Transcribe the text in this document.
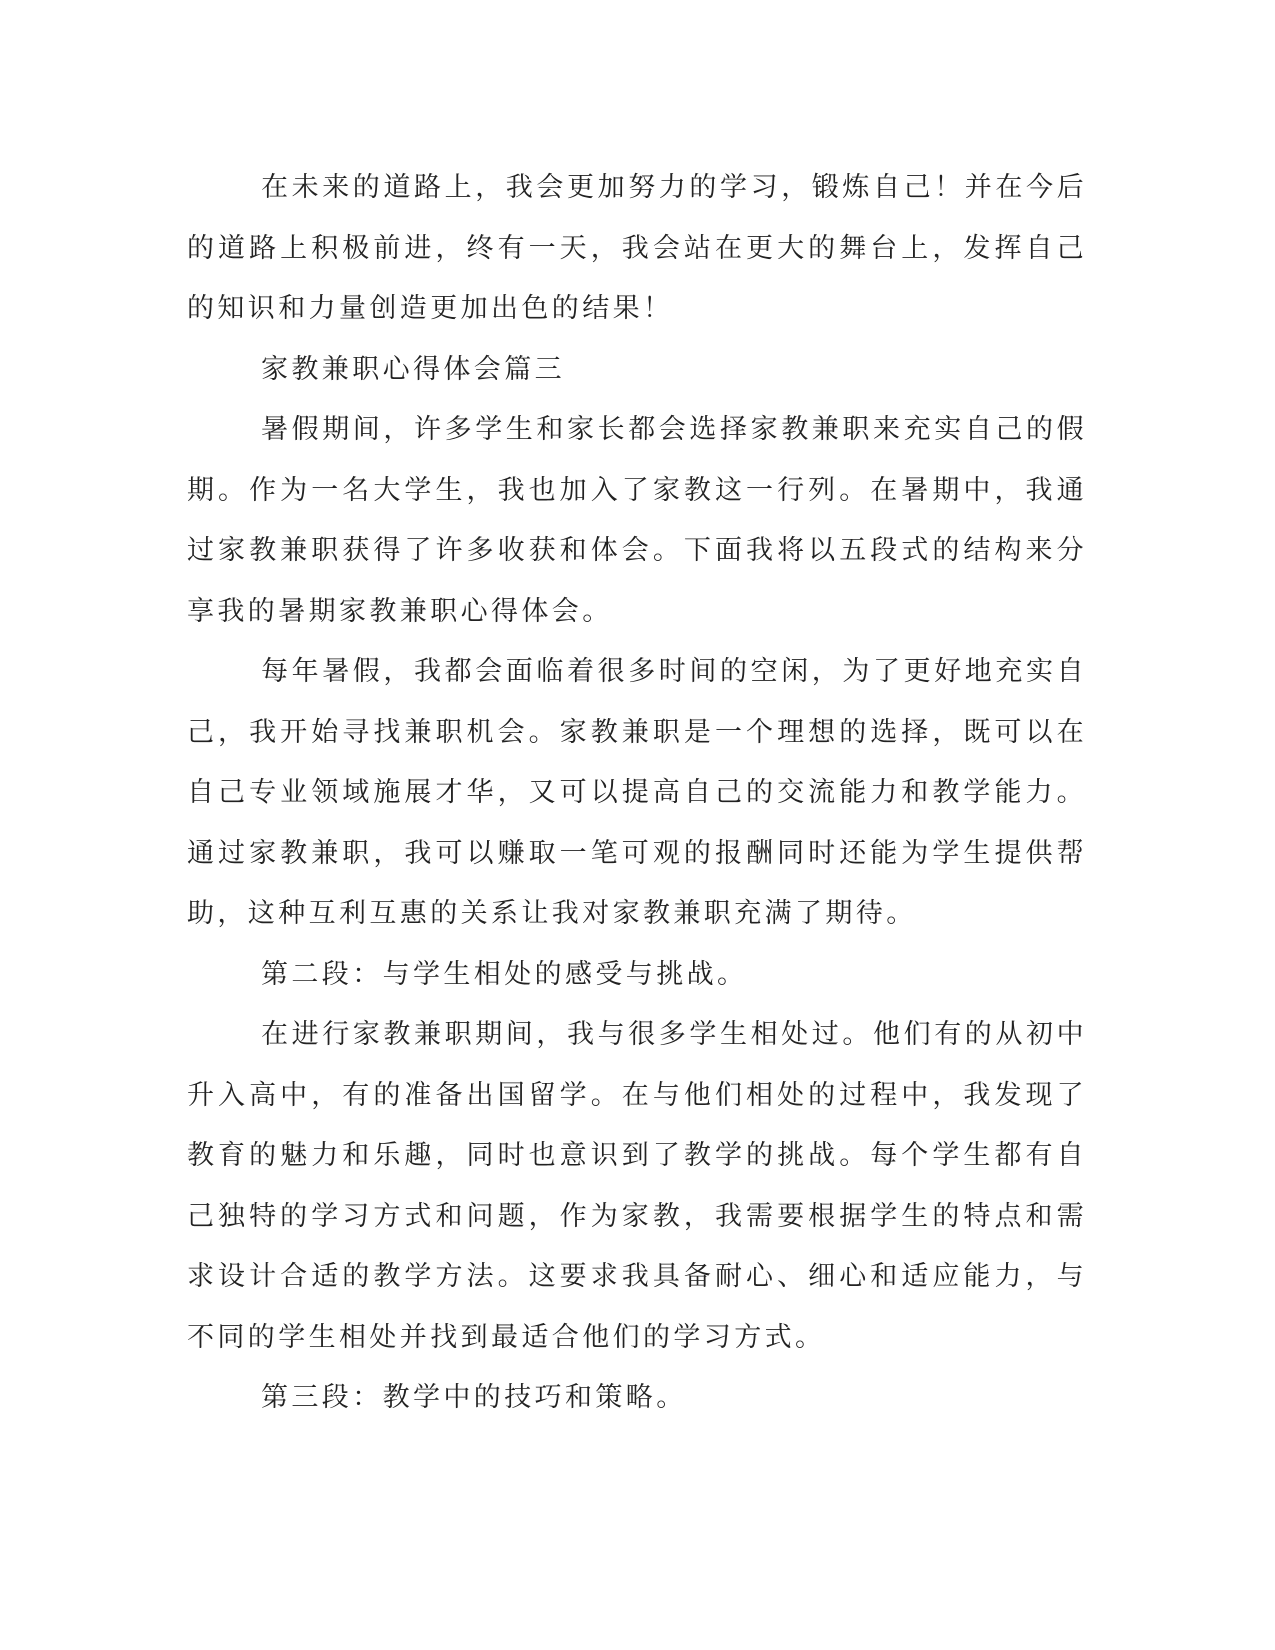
在未来的道路上，我会更加努力的学习，锻炼自己！并在今后的道路上积极前进，终有一天，我会站在更大的舞台上，发挥自己的知识和力量创造更加出色的结果！

家教兼职心得体会篇三

暑假期间，许多学生和家长都会选择家教兼职来充实自己的假期。作为一名大学生，我也加入了家教这一行列。在暑期中，我通过家教兼职获得了许多收获和体会。下面我将以五段式的结构来分享我的暑期家教兼职心得体会。

每年暑假，我都会面临着很多时间的空闲，为了更好地充实自己，我开始寻找兼职机会。家教兼职是一个理想的选择，既可以在自己专业领域施展才华，又可以提高自己的交流能力和教学能力。通过家教兼职，我可以赚取一笔可观的报酬同时还能为学生提供帮助，这种互利互惠的关系让我对家教兼职充满了期待。

第二段：与学生相处的感受与挑战。

在进行家教兼职期间，我与很多学生相处过。他们有的从初中升入高中，有的准备出国留学。在与他们相处的过程中，我发现了教育的魅力和乐趣，同时也意识到了教学的挑战。每个学生都有自己独特的学习方式和问题，作为家教，我需要根据学生的特点和需求设计合适的教学方法。这要求我具备耐心、细心和适应能力，与不同的学生相处并找到最适合他们的学习方式。

第三段：教学中的技巧和策略。
